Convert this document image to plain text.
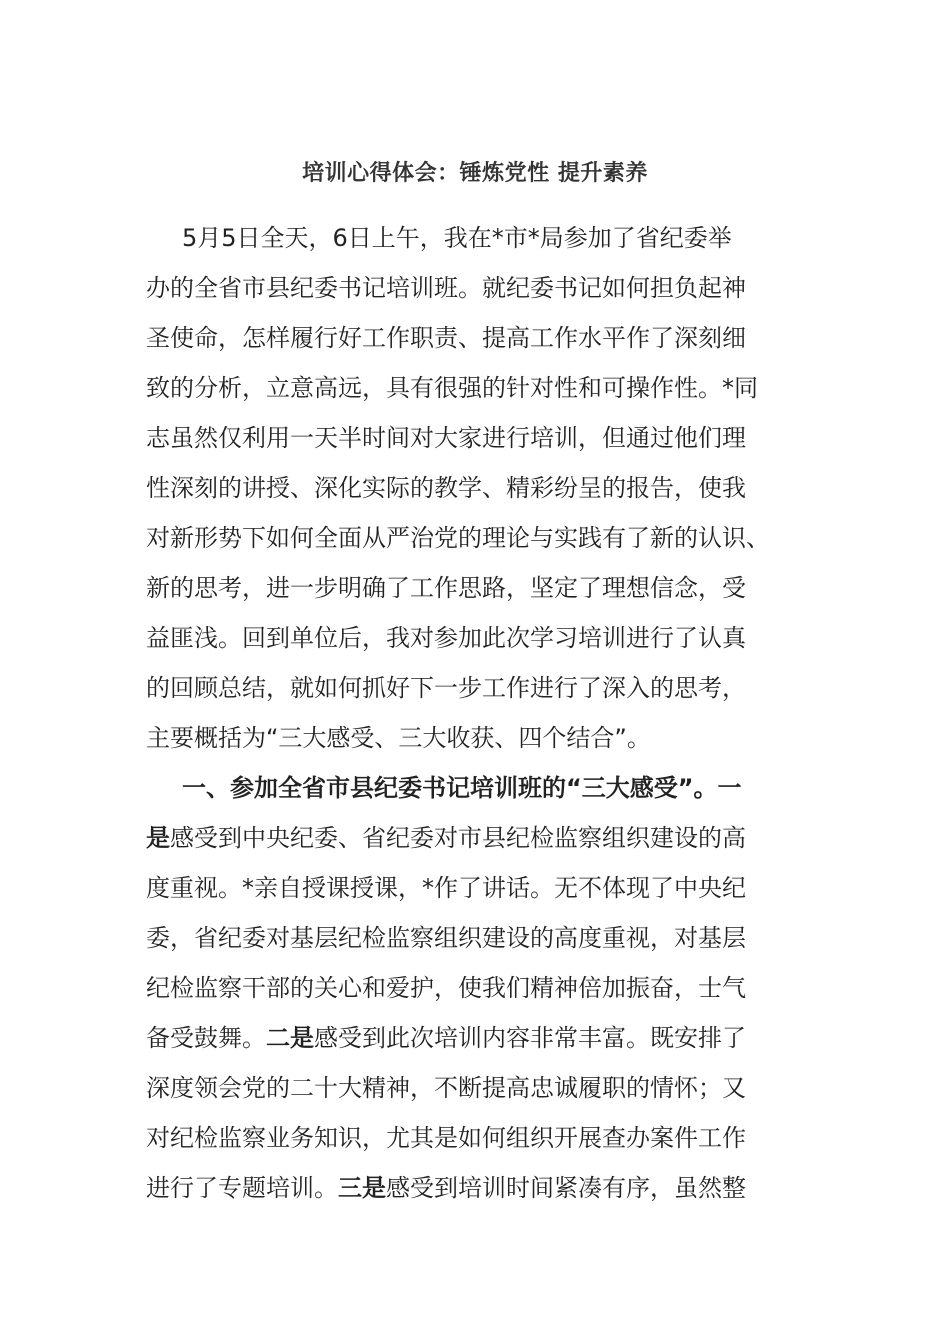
培训心得体会：锤炼党性 提升素养
5月5日全天，6日上午，我在*市*局参加了省纪委举
办的全省市县纪委书记培训班。就纪委书记如何担负起神
圣使命，怎样履行好工作职责、提高工作水平作了深刻细
致的分析，立意高远，具有很强的针对性和可操作性。*同
志虽然仅利用一天半时间对大家进行培训，但通过他们理
性深刻的讲授、深化实际的教学、精彩纷呈的报告，使我
对新形势下如何全面从严治党的理论与实践有了新的认识、
新的思考，进一步明确了工作思路，坚定了理想信念，受
益匪浅。回到单位后，我对参加此次学习培训进行了认真
的回顾总结，就如何抓好下一步工作进行了深入的思考，
主要概括为“三大感受、三大收获、四个结合”。
一、参加全省市县纪委书记培训班的“三大感受”。一
是感受到中央纪委、省纪委对市县纪检监察组织建设的高
度重视。*亲自授课授课，*作了讲话。无不体现了中央纪
委，省纪委对基层纪检监察组织建设的高度重视，对基层
纪检监察干部的关心和爱护，使我们精神倍加振奋，士气
备受鼓舞。二是感受到此次培训内容非常丰富。既安排了
深度领会党的二十大精神，不断提高忠诚履职的情怀；又
对纪检监察业务知识，尤其是如何组织开展查办案件工作
进行了专题培训。三是感受到培训时间紧凑有序，虽然整
